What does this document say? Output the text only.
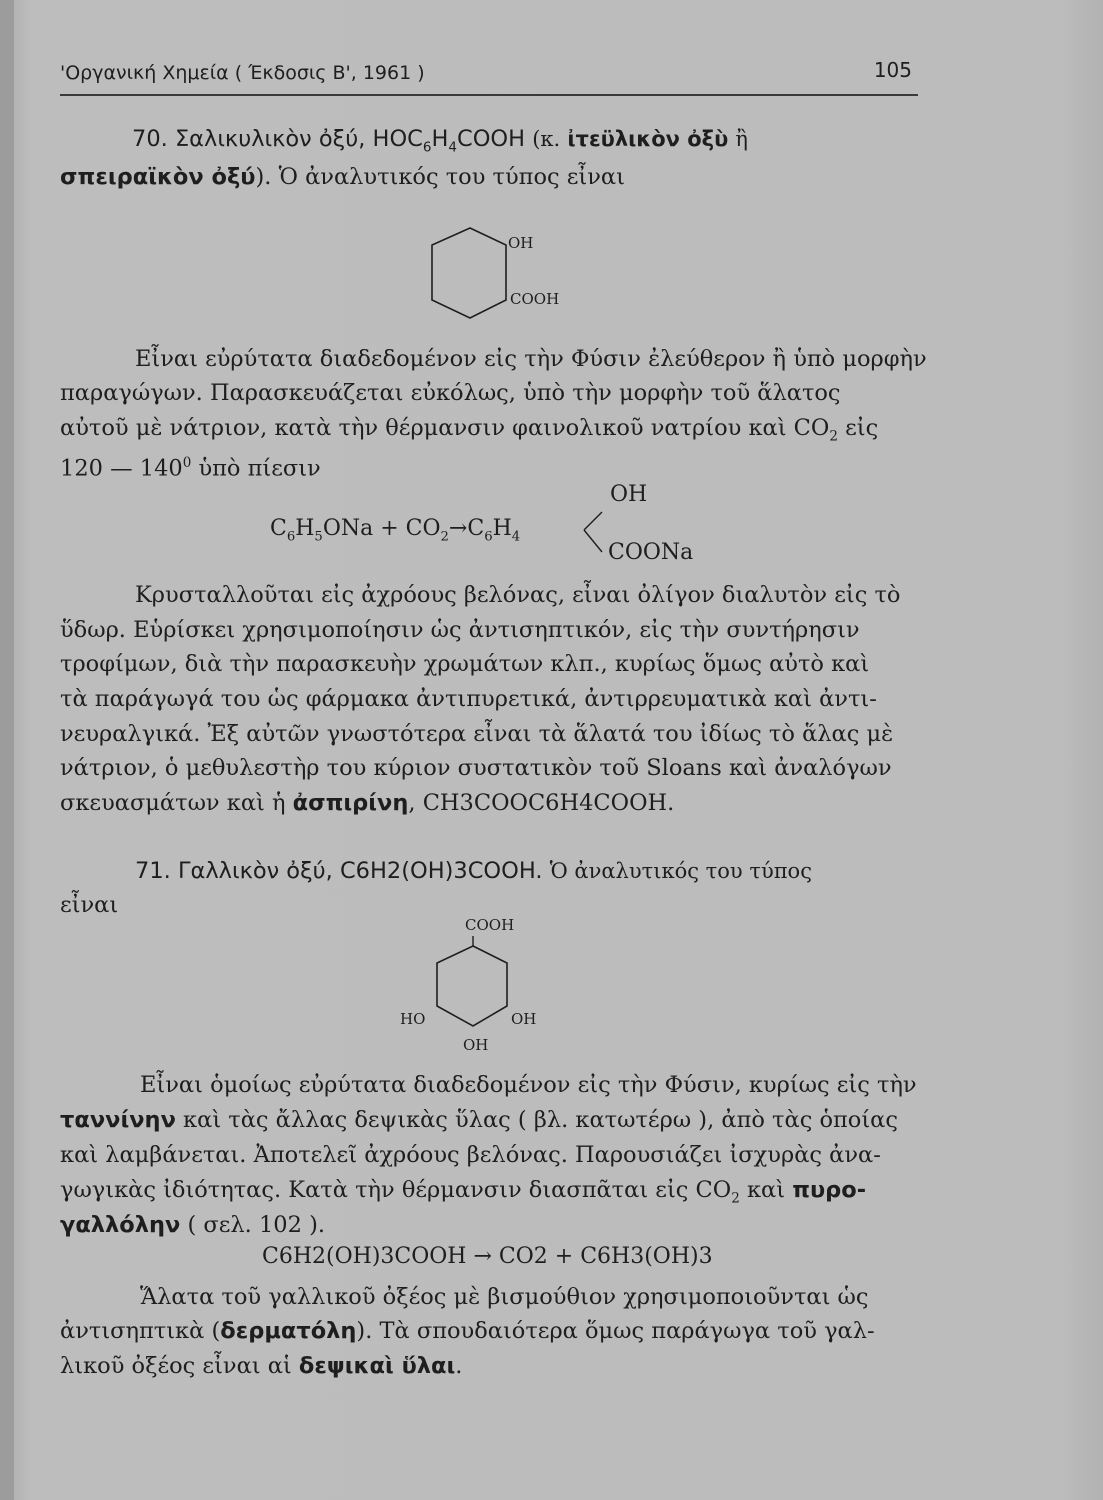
'Οργανική Χημεία ( Έκδοσις Β', 1961 )	105
70. Σαλικυλικὸν ὀξύ, $HOC_6H_4COOH$ (κ. ἰτεϋλικὸν ὀξὺ ἢ
σπειραϊκὸν ὀξύ). Ὁ ἀναλυτικός του τύπος εἶναι
OH
COOH
Εἶναι εὐρύτατα διαδεδομένον εἰς τὴν Φύσιν ἐλεύθερον ἢ ὑπὸ μορφὴν
παραγώγων. Παρασκευάζεται εὐκόλως, ὑπὸ τὴν μορφὴν τοῦ ἅλατος
αὐτοῦ μὲ νάτριον, κατὰ τὴν θέρμανσιν φαινολικοῦ νατρίου καὶ $CO_2$ εἰς
120 — $140^0$ ὑπὸ πίεσιν
OH
$C_6H_5ONa + CO_2\to C_6H_4$
COONa
Κρυσταλλοῦται εἰς ἀχρόους βελόνας, εἶναι ὀλίγον διαλυτὸν εἰς τὸ
ὕδωρ. Εὑρίσκει χρησιμοποίησιν ὡς ἀντισηπτικόν, εἰς τὴν συντήρησιν
τροφίμων, διὰ τὴν παρασκευὴν χρωμάτων κλπ., κυρίως ὅμως αὐτὸ καὶ
τὰ παράγωγά του ὡς φάρμακα ἀντιπυρετικά, ἀντιρρευματικὰ καὶ ἀντι-
νευραλγικά. Ἐξ αὐτῶν γνωστότερα εἶναι τὰ ἅλατά του ἰδίως τὸ ἅλας μὲ
νάτριον, ὁ μεθυλεστὴρ του κύριον συστατικὸν τοῦ Sloans καὶ ἀναλόγων
σκευασμάτων καὶ ἡ ἀσπιρίνη, CH3COOC6H4COOH.
71. Γαλλικὸν ὀξύ, C6H2(OH)3COOH. Ὁ ἀναλυτικός του τύπος
εἶναι
COOH
HO	OH
OH
Εἶναι ὁμοίως εὐρύτατα διαδεδομένον εἰς τὴν Φύσιν, κυρίως εἰς τὴν
ταννίνην καὶ τὰς ἄλλας δεψικὰς ὕλας ( βλ. κατωτέρω ), ἀπὸ τὰς ὁποίας
καὶ λαμβάνεται. Ἀποτελεῖ ἀχρόους βελόνας. Παρουσιάζει ἰσχυρὰς ἀνα-
γωγικὰς ἰδιότητας. Κατὰ τὴν θέρμανσιν διασπᾶται εἰς $CO_2$ καὶ πυρο-
γαλλόλην ( σελ. 102 ).
C6H2(OH)3COOH → CO2 + C6H3(OH)3
Ἅλατα τοῦ γαλλικοῦ ὀξέος μὲ βισμούθιον χρησιμοποιοῦνται ὡς
ἀντισηπτικὰ (δερματόλη). Τὰ σπουδαιότερα ὅμως παράγωγα τοῦ γαλ-
λικοῦ ὀξέος εἶναι αἱ δεψικαὶ ὕλαι.
